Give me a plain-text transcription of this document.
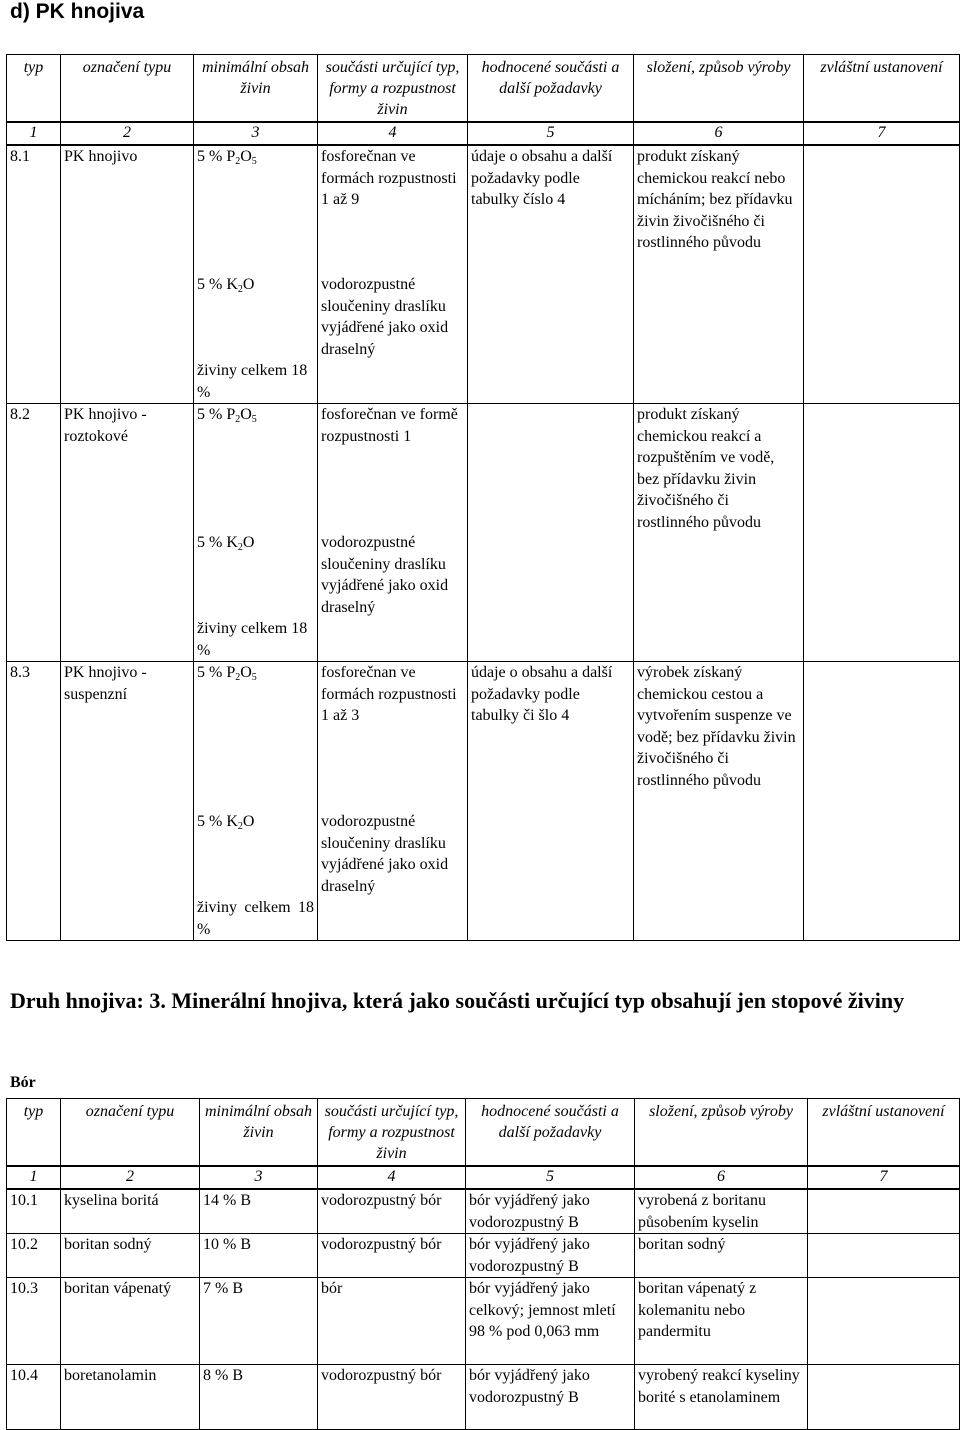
d) PK hnojiva
typ	označení typu	minimální obsah živin	součásti určující typ, formy a rozpustnost živin	hodnocené součásti a další požadavky	složení, způsob výroby	zvláštní ustanovení
1	2	3	4	5	6	7
8.1	PK hnojivo	5 % $P_2O_5$	fosforečnan ve formách rozpustnosti 1 až 9	údaje o obsahu a další požadavky podle tabulky číslo 4	produkt získaný chemickou reakcí nebo mícháním; bez přídavku živin živočišného či rostlinného původu	
		5 % $K_2O$	vodorozpustné sloučeniny draslíku vyjádřené jako oxid draselný			
		živiny celkem 18 %				
8.2	PK hnojivo - roztokové	5 % $P_2O_5$	fosforečnan ve formě rozpustnosti 1		produkt získaný chemickou reakcí a rozpuštěním ve vodě, bez přídavku živin živočišného či rostlinného původu	
		5 % $K_2O$	vodorozpustné sloučeniny draslíku vyjádřené jako oxid draselný			
		živiny celkem 18 %				
8.3	PK hnojivo - suspenzní	5 % $P_2O_5$	fosforečnan ve formách rozpustnosti 1 až 3	údaje o obsahu a další požadavky podle tabulky či šlo 4	výrobek získaný chemickou cestou a vytvořením suspenze ve vodě; bez přídavku živin živočišného či rostlinného původu	
		5 % $K_2O$	vodorozpustné sloučeniny draslíku vyjádřené jako oxid draselný			
		živiny celkem 18 %				
Druh hnojiva: 3. Minerální hnojiva, která jako součásti určující typ obsahují jen stopové živiny
Bór
typ	označení typu	minimální obsah živin	součásti určující typ, formy a rozpustnost živin	hodnocené součásti a další požadavky	složení, způsob výroby	zvláštní ustanovení
1	2	3	4	5	6	7
10.1	kyselina boritá	14 % B	vodorozpustný bór	bór vyjádřený jako vodorozpustný B	vyrobená z boritanu působením kyselin	
10.2	boritan sodný	10 % B	vodorozpustný bór	bór vyjádřený jako vodorozpustný B	boritan sodný	
10.3	boritan vápenatý	7 % B	bór	bór vyjádřený jako celkový; jemnost mletí 98 % pod 0,063 mm	boritan vápenatý z kolemanitu nebo pandermitu	
10.4	boretanolamin	8 % B	vodorozpustný bór	bór vyjádřený jako vodorozpustný B	vyrobený reakcí kyseliny borité s etanolaminem	
